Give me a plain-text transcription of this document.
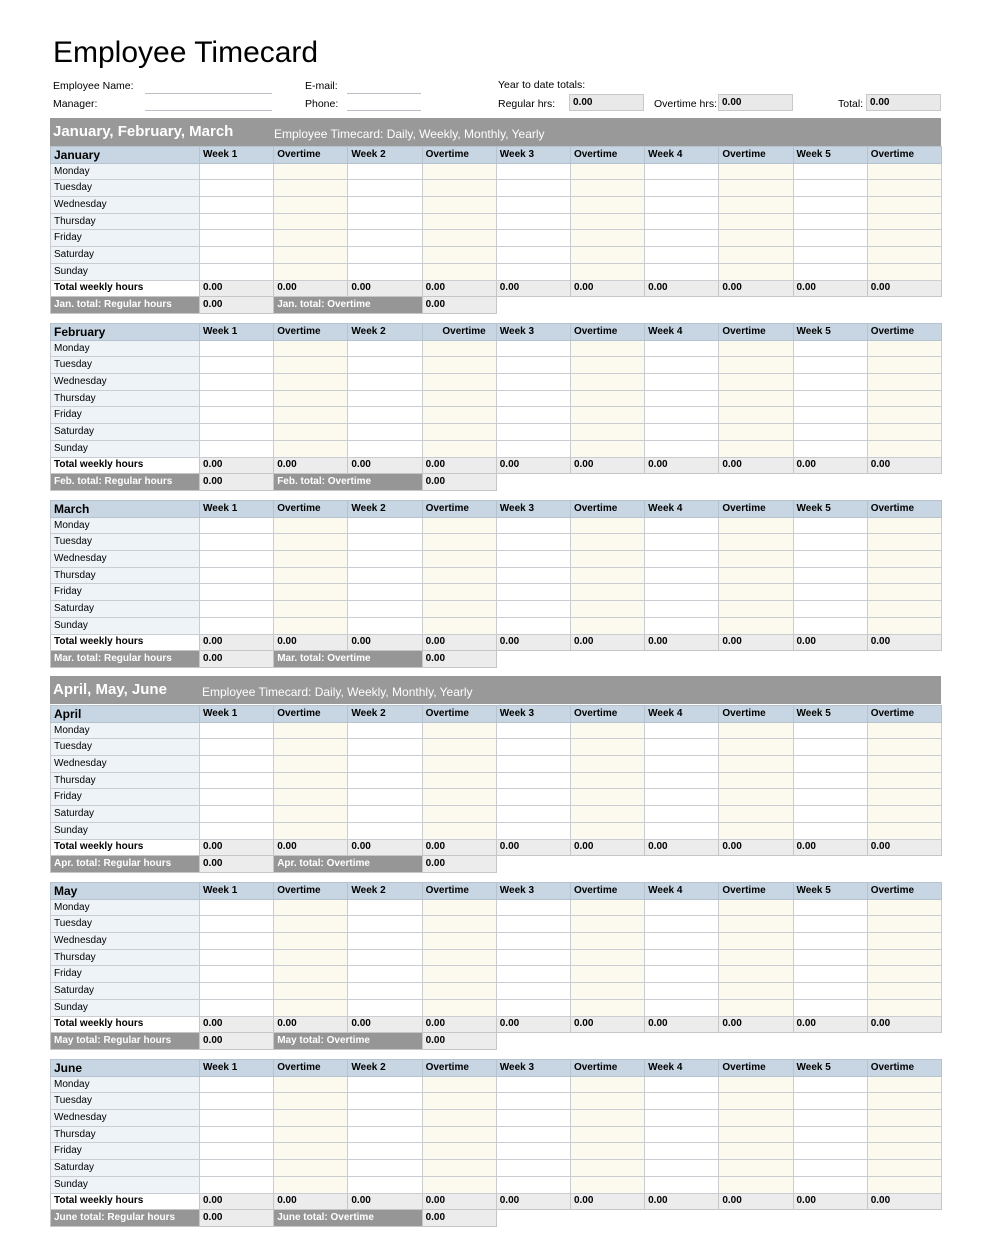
Employee Timecard
Employee Name:
Manager:
E-mail:
Phone:
Year to date totals:
Regular hrs:	0.00	Overtime hrs: 0.00	Total: 0.00
January, February, March	Employee Timecard: Daily, Weekly, Monthly, Yearly
April, May, June	Employee Timecard: Daily, Weekly, Monthly, Yearly
January	Week 1	Overtime	Week 2	Overtime	Week 3	Overtime	Week 4	Overtime	Week 5	Overtime
Monday										
Tuesday										
Wednesday										
Thursday										
Friday										
Saturday										
Sunday										
Total weekly hours	0.00	0.00	0.00	0.00	0.00	0.00	0.00	0.00	0.00	0.00
Jan. total: Regular hours	0.00	Jan. total: Overtime		0.00						
February	Week 1	Overtime	Week 2	Overtime	Week 3	Overtime	Week 4	Overtime	Week 5	Overtime
Monday										
Tuesday										
Wednesday										
Thursday										
Friday										
Saturday										
Sunday										
Total weekly hours	0.00	0.00	0.00	0.00	0.00	0.00	0.00	0.00	0.00	0.00
Feb. total: Regular hours	0.00	Feb. total: Overtime		0.00						
March	Week 1	Overtime	Week 2	Overtime	Week 3	Overtime	Week 4	Overtime	Week 5	Overtime
Monday										
Tuesday										
Wednesday										
Thursday										
Friday										
Saturday										
Sunday										
Total weekly hours	0.00	0.00	0.00	0.00	0.00	0.00	0.00	0.00	0.00	0.00
Mar. total: Regular hours	0.00	Mar. total: Overtime		0.00						
April	Week 1	Overtime	Week 2	Overtime	Week 3	Overtime	Week 4	Overtime	Week 5	Overtime
Monday										
Tuesday										
Wednesday										
Thursday										
Friday										
Saturday										
Sunday										
Total weekly hours	0.00	0.00	0.00	0.00	0.00	0.00	0.00	0.00	0.00	0.00
Apr. total: Regular hours	0.00	Apr. total: Overtime		0.00						
May	Week 1	Overtime	Week 2	Overtime	Week 3	Overtime	Week 4	Overtime	Week 5	Overtime
Monday										
Tuesday										
Wednesday										
Thursday										
Friday										
Saturday										
Sunday										
Total weekly hours	0.00	0.00	0.00	0.00	0.00	0.00	0.00	0.00	0.00	0.00
May total: Regular hours	0.00	May total: Overtime		0.00						
June	Week 1	Overtime	Week 2	Overtime	Week 3	Overtime	Week 4	Overtime	Week 5	Overtime
Monday										
Tuesday										
Wednesday										
Thursday										
Friday										
Saturday										
Sunday										
Total weekly hours	0.00	0.00	0.00	0.00	0.00	0.00	0.00	0.00	0.00	0.00
June total: Regular hours	0.00	June total: Overtime		0.00						
